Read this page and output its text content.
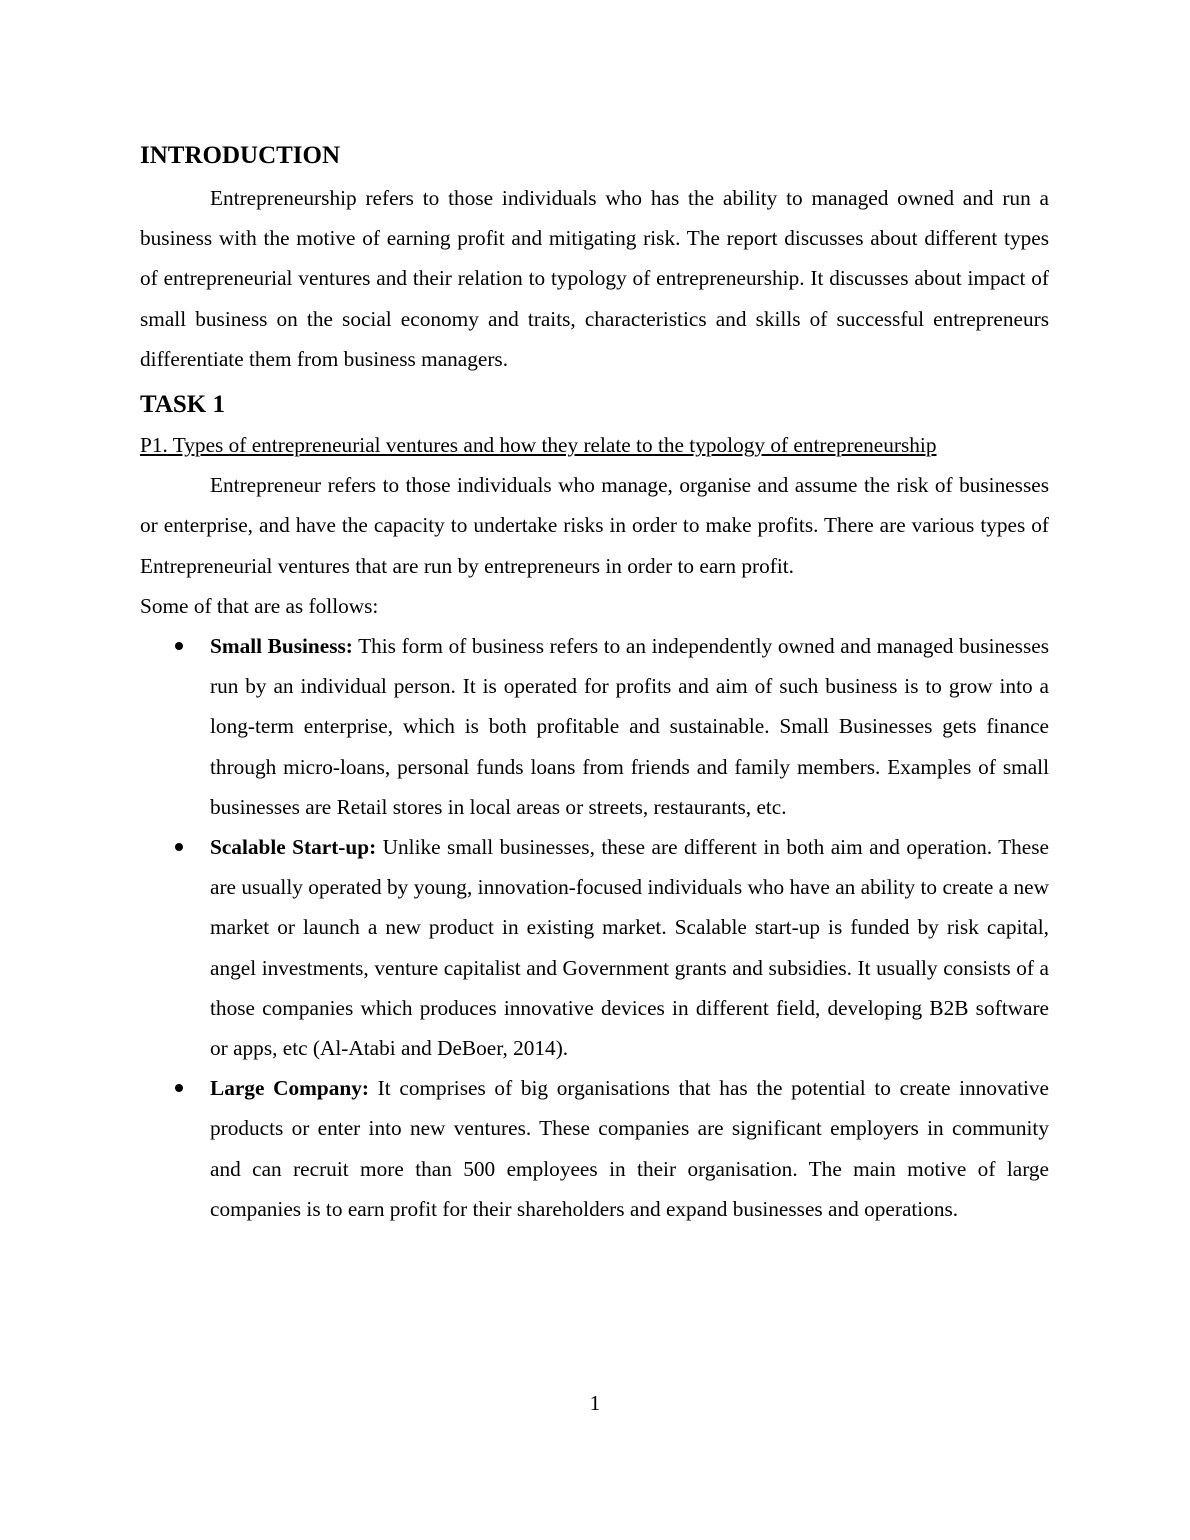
INTRODUCTION

Entrepreneurship refers to those individuals who has the ability to managed owned and run a business with the motive of earning profit and mitigating risk. The report discusses about different types of entrepreneurial ventures and their relation to typology of entrepreneurship. It discusses about impact of small business on the social economy and traits, characteristics and skills of successful entrepreneurs differentiate them from business managers.

TASK 1

P1. Types of entrepreneurial ventures and how they relate to the typology of entrepreneurship

Entrepreneur refers to those individuals who manage, organise and assume the risk of businesses or enterprise, and have the capacity to undertake risks in order to make profits. There are various types of Entrepreneurial ventures that are run by entrepreneurs in order to earn profit.

Some of that are as follows:

Small Business: This form of business refers to an independently owned and managed businesses run by an individual person. It is operated for profits and aim of such business is to grow into a long-term enterprise, which is both profitable and sustainable. Small Businesses gets finance through micro-loans, personal funds loans from friends and family members. Examples of small businesses are Retail stores in local areas or streets, restaurants, etc.
Scalable Start-up: Unlike small businesses, these are different in both aim and operation. These are usually operated by young, innovation-focused individuals who have an ability to create a new market or launch a new product in existing market. Scalable start-up is funded by risk capital, angel investments, venture capitalist and Government grants and subsidies. It usually consists of a those companies which produces innovative devices in different field, developing B2B software or apps, etc (Al-Atabi and DeBoer, 2014).
Large Company: It comprises of big organisations that has the potential to create innovative products or enter into new ventures. These companies are significant employers in community and can recruit more than 500 employees in their organisation. The main motive of large companies is to earn profit for their shareholders and expand businesses and operations.
1
